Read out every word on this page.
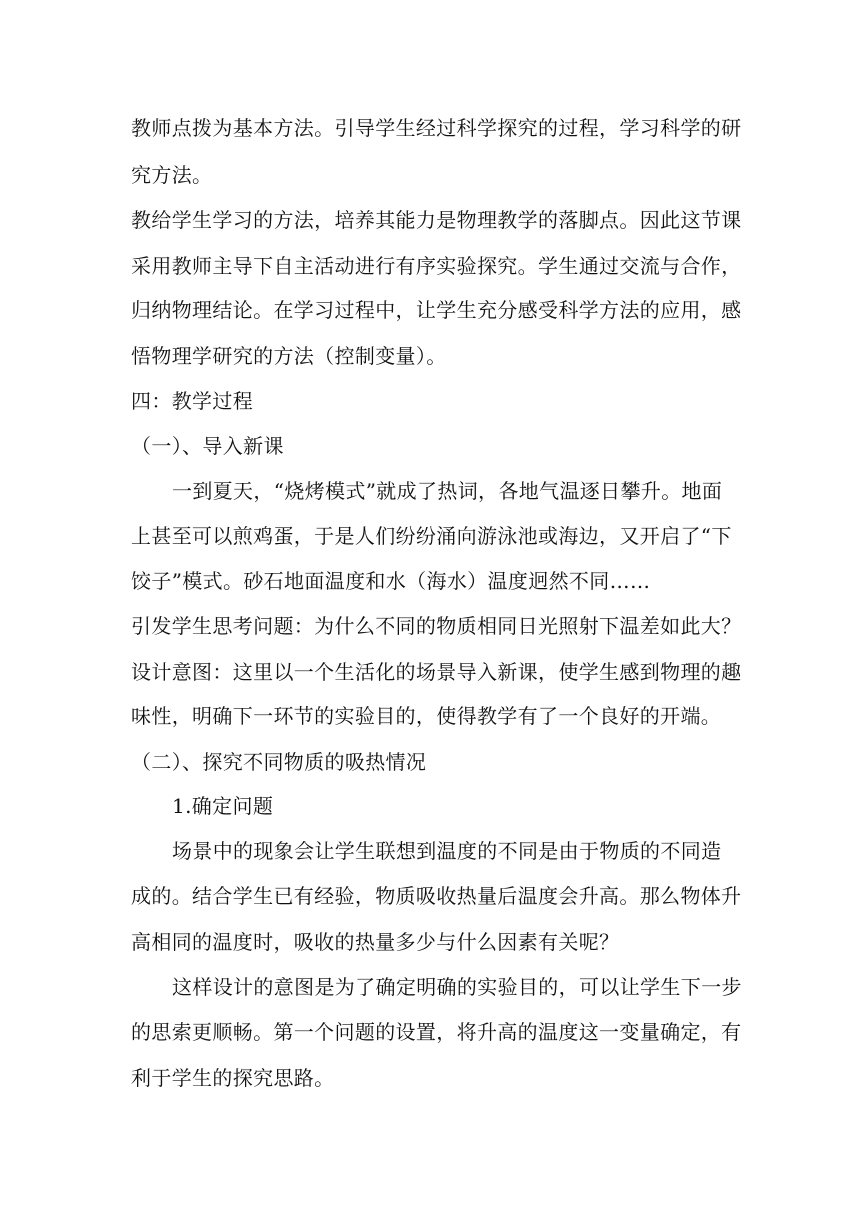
教师点拨为基本方法。引导学生经过科学探究的过程，学习科学的研
究方法。
教给学生学习的方法，培养其能力是物理教学的落脚点。因此这节课
采用教师主导下自主活动进行有序实验探究。学生通过交流与合作，
归纳物理结论。在学习过程中，让学生充分感受科学方法的应用，感
悟物理学研究的方法（控制变量）。
四：教学过程
（一）、导入新课
一到夏天，“烧烤模式”就成了热词，各地气温逐日攀升。地面
上甚至可以煎鸡蛋，于是人们纷纷涌向游泳池或海边，又开启了“下
饺子”模式。砂石地面温度和水（海水）温度迥然不同……
引发学生思考问题：为什么不同的物质相同日光照射下温差如此大？
设计意图：这里以一个生活化的场景导入新课，使学生感到物理的趣
味性，明确下一环节的实验目的，使得教学有了一个良好的开端。
（二）、探究不同物质的吸热情况
1.确定问题
场景中的现象会让学生联想到温度的不同是由于物质的不同造
成的。结合学生已有经验，物质吸收热量后温度会升高。那么物体升
高相同的温度时，吸收的热量多少与什么因素有关呢？
这样设计的意图是为了确定明确的实验目的，可以让学生下一步
的思索更顺畅。第一个问题的设置，将升高的温度这一变量确定，有
利于学生的探究思路。
